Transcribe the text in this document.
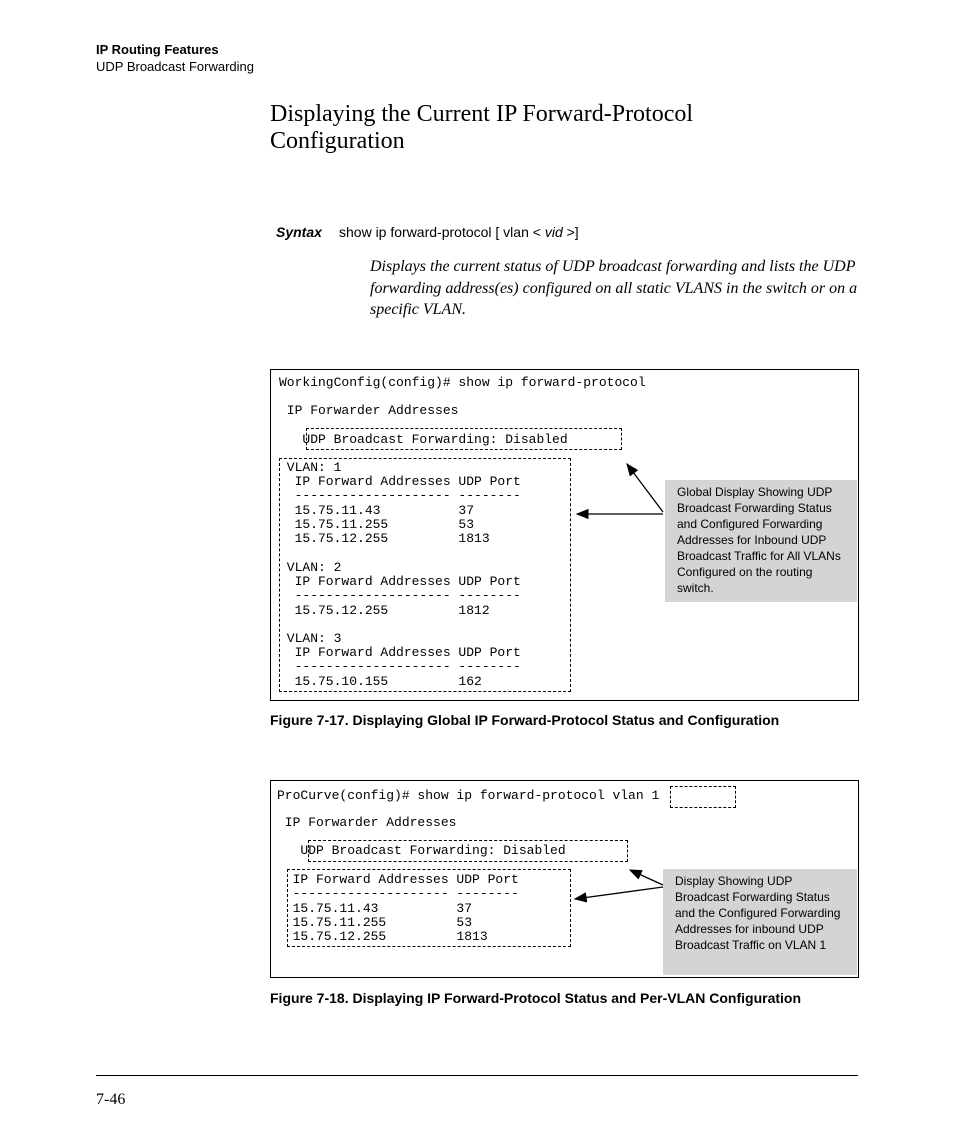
IP Routing Features
UDP Broadcast Forwarding
Displaying the Current IP Forward-Protocol Configuration
Syntax show ip forward-protocol [ vlan < vid >]
Displays the current status of UDP broadcast forwarding and lists the UDP forwarding address(es) configured on all static VLANS in the switch or on a specific VLAN.
WorkingConfig(config)# show ip forward-protocol
IP Forwarder Addresses
UDP Broadcast Forwarding: Disabled
VLAN: 1
IP Forward Addresses UDP Port
-------------------- --------
15.75.11.43          37
15.75.11.255         53
15.75.12.255         1813
VLAN: 2
IP Forward Addresses UDP Port
-------------------- --------
15.75.12.255         1812
VLAN: 3
IP Forward Addresses UDP Port
-------------------- --------
15.75.10.155         162
Global Display Showing UDP Broadcast Forwarding Status and Configured Forwarding Addresses for Inbound UDP Broadcast Traffic for All VLANs Configured on the routing switch.
Figure 7-17. Displaying Global IP Forward-Protocol Status and Configuration
ProCurve(config)# show ip forward-protocol vlan 1
IP Forwarder Addresses
UDP Broadcast Forwarding: Disabled
IP Forward Addresses UDP Port
-------------------- --------
15.75.11.43          37
15.75.11.255         53
15.75.12.255         1813
Display Showing UDP Broadcast Forwarding Status and the Configured Forwarding Addresses for inbound UDP Broadcast Traffic on VLAN 1
Figure 7-18. Displaying IP Forward-Protocol Status and Per-VLAN Configuration
7-46
